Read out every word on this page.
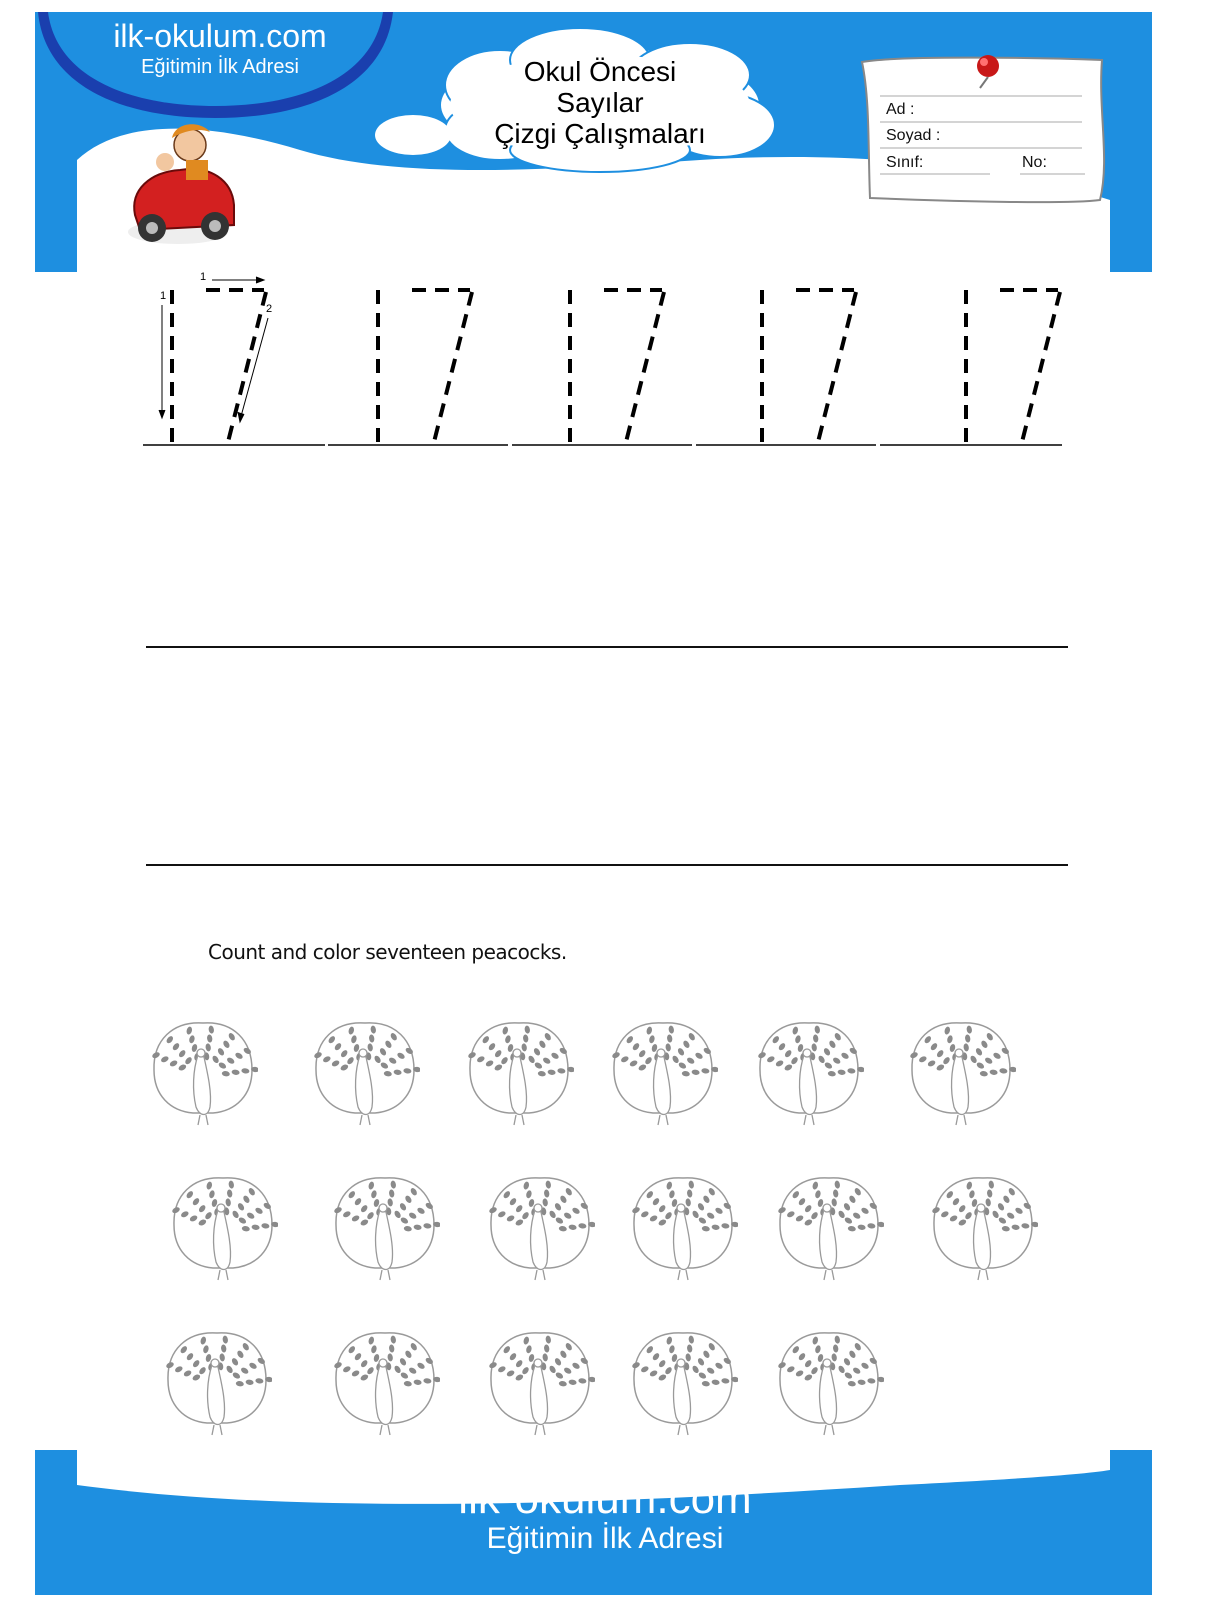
ilk-okulum.com
Eğitimin İlk Adresi	Okul Öncesi
Sayılar
Çizgi Çalışmaları
Ad :
Soyad :
Sınıf:	No:
1
1
2
Count and color seventeen peacocks.
ilk-okulum.com
Eğitimin İlk Adresi
